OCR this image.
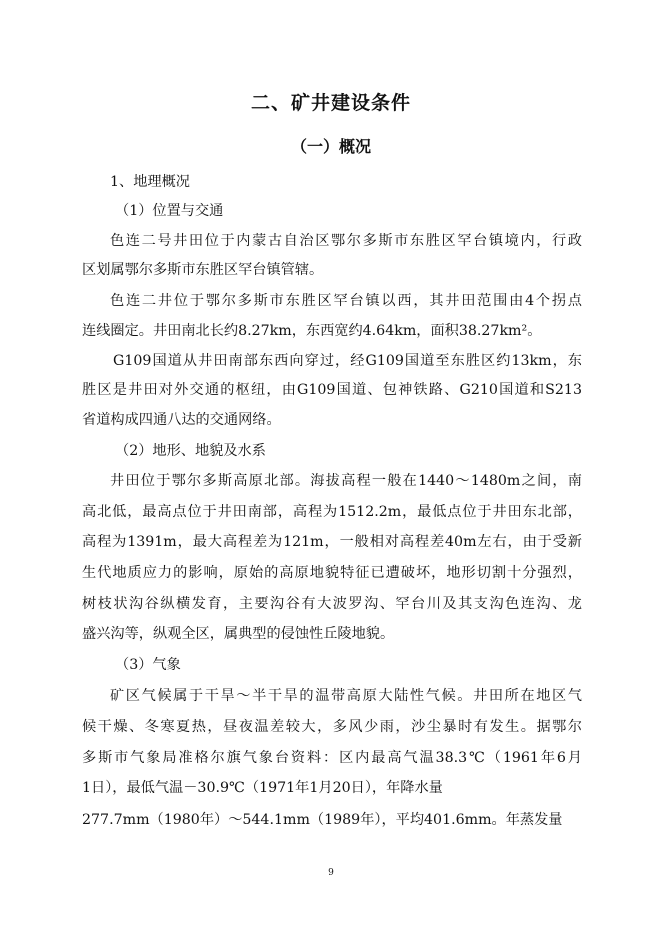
二、矿井建设条件
（一）概况
1、地理概况
（1）位置与交通
色连二号井田位于内蒙古自治区鄂尔多斯市东胜区罕台镇境内，行政
区划属鄂尔多斯市东胜区罕台镇管辖。
色连二井位于鄂尔多斯市东胜区罕台镇以西，其井田范围由4个拐点
连线圈定。井田南北长约8.27km，东西宽约4.64km，面积38.27km²。
G109国道从井田南部东西向穿过，经G109国道至东胜区约13km，东
胜区是井田对外交通的枢纽，由G109国道、包神铁路、G210国道和S213
省道构成四通八达的交通网络。
（2）地形、地貌及水系
井田位于鄂尔多斯高原北部。海拔高程一般在1440～1480m之间，南
高北低，最高点位于井田南部，高程为1512.2m，最低点位于井田东北部，
高程为1391m，最大高程差为121m，一般相对高程差40m左右，由于受新
生代地质应力的影响，原始的高原地貌特征已遭破坏，地形切割十分强烈，
树枝状沟谷纵横发育，主要沟谷有大波罗沟、罕台川及其支沟色连沟、龙
盛兴沟等，纵观全区，属典型的侵蚀性丘陵地貌。
（3）气象
矿区气候属于干旱～半干旱的温带高原大陆性气候。井田所在地区气
候干燥、冬寒夏热，昼夜温差较大，多风少雨，沙尘暴时有发生。据鄂尔
多斯市气象局准格尔旗气象台资料：区内最高气温38.3℃（1961年6月
1日），最低气温－30.9℃（1971年1月20日），年降水量
277.7mm（1980年）～544.1mm（1989年），平均401.6mm。年蒸发量
9
